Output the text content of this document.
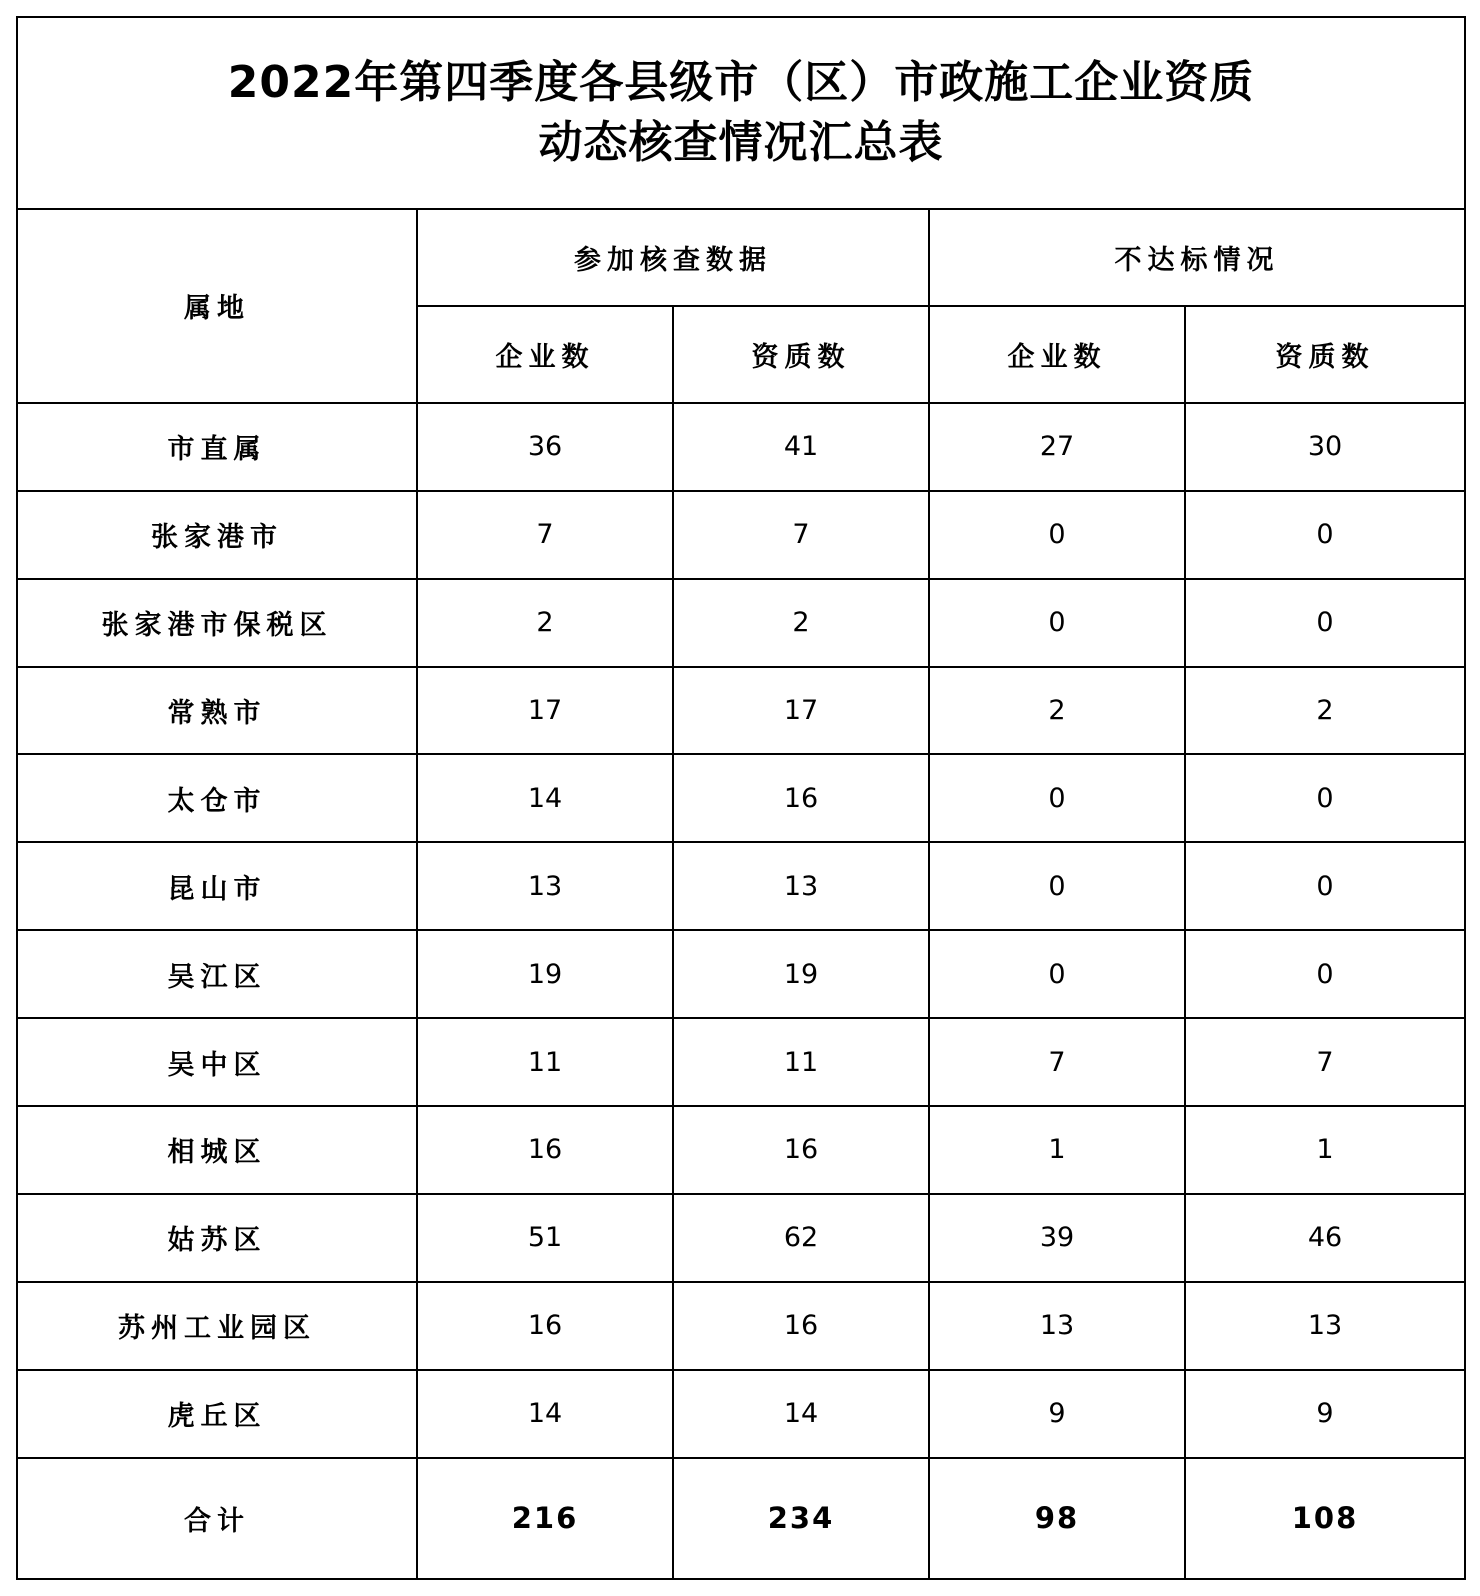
2022年第四季度各县级市（区）市政施工企业资质
动态核查情况汇总表				

属地	参加核查数据		不达标情况	
	企业数	资质数	企业数	资质数
市直属	36	41	27	30
张家港市	7	7	0	0
张家港市保税区	2	2	0	0
常熟市	17	17	2	2
太仓市	14	16	0	0
昆山市	13	13	0	0
吴江区	19	19	0	0
吴中区	11	11	7	7
相城区	16	16	1	1
姑苏区	51	62	39	46
苏州工业园区	16	16	13	13
虎丘区	14	14	9	9
合计	216	234	98	108
